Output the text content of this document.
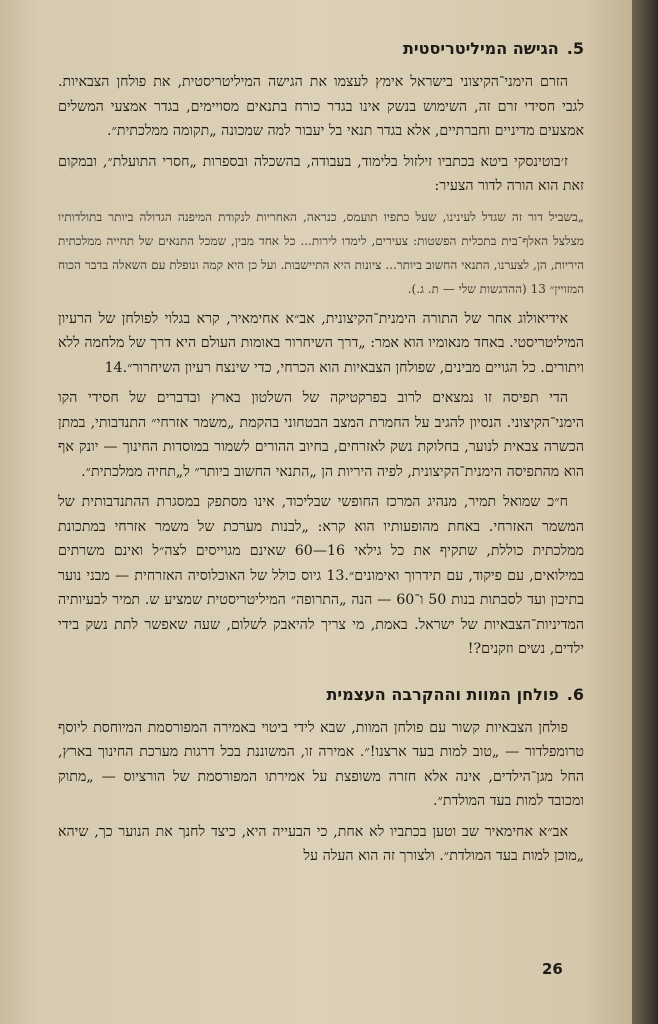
5.הגישה המיליטריסטית

הזרם הימני־הקיצוני בישראל אימץ לעצמו את הגישה המיליטריסטית, את פולחן הצבאיות. לגבי חסידי זרם זה, השימוש בנשק אינו בגדר כורח בתנאים מסויימים, בגדר אמצעי המשלים אמצעים מדיניים וחברתיים, אלא בגדר תנאי בל יעבור למה שמכונה „תקומה ממלכתית״.

ז׳בוטינסקי ביטא בכתביו זילזול בלימוד, בעבודה, בהשכלה ובספרות „חסרי התועלת״, ובמקום זאת הוא הורה לדור הצעיר:

„בשביל דור זה שגדל לעינינו, שעל כתפיו תועמס, כנראה, האחריות לנקודת המיפנה הגדולה ביותר בתולדותיו מצלצל האלף־בית בתכלית הפשטות: צעירים, לימדו לירות... כל אחד מבין, שמכל התנאים של תחייה ממלכתית היריות, הן, לצערנו, התנאי החשוב ביותר... ציונות היא התיישבות. ועל כן היא קמה ונופלת עם השאלה בדבר הכוח המזויין״ 13 (ההדגשות שלי — ת. ג.).

אידיאולוג אחר של התורה הימנית־הקיצונית, אב״א אחימאיר, קרא בגלוי לפולחן של הרעיון המיליטריסטי. באחד מנאומיו הוא אמר: „דרך השיחרור באומות העולם היא דרך של מלחמה ללא ויתורים. כל הגויים מבינים, שפולחן הצבאיות הוא הכרחי, כדי שינצח רעיון השיחרור״.14

הדי תפיסה זו נמצאים לרוב בפרקטיקה של השלטון בארץ ובדברים של חסידי הקו הימני־הקיצוני. הנסיון להגיב על החמרת המצב הבטחוני בהקמת „משמר אזרחי״ התנדבותי, במתן הכשרה צבאית לנוער, בחלוקת נשק לאזרחים, בחיוב ההורים לשמור במוסדות החינוך — יונק אף הוא מהתפיסה הימנית־הקיצונית, לפיה היריות הן „התנאי החשוב ביותר״ ל„תחיה ממלכתית״.

ח״כ שמואל תמיר, מנהיג המרכז החופשי שבליכוד, אינו מסתפק במסגרת ההתנדבותית של המשמר האזרחי. באחת מהופעותיו הוא קרא: „לבנות מערכת של משמר אזרחי במתכונת ממלכתית כוללת, שתקיף את כל גילאי 16—60 שאינם מגוייסים לצה״ל ואינם משרתים במילואים, עם פיקוד, עם תידרוך ואימונים״.13 גיוס כולל של האוכלוסיה האזרחית — מבני נוער בתיכון ועד לסבתות בנות 50 ו־60 — הנה „התרופה״ המיליטריסטית שמציע ש. תמיר לבעיותיה המדיניות־הצבאיות של ישראל. באמת, מי צריך להיאבק לשלום, שעה שאפשר לתת נשק בידי ילדים, נשים וזקנים?!

6.פולחן המוות וההקרבה העצמית

פולחן הצבאיות קשור עם פולחן המוות, שבא לידי ביטוי באמירה המפורסמת המיוחסת ליוסף טרומפלדור — „טוב למות בעד ארצנו!״. אמירה זו, המשוננת בכל דרגות מערכת החינוך בארץ, החל מגן־הילדים, אינה אלא חזרה משופצת על אמירתו המפורסמת של הורציוס — „מתוק ומכובד למות בעד המולדת״.

אב״א אחימאיר שב וטען בכתביו לא אחת, כי הבעייה היא, כיצד לחנך את הנוער כך, שיהא „מוכן למות בעד המולדת״. ולצורך זה הוא העלה על

26
